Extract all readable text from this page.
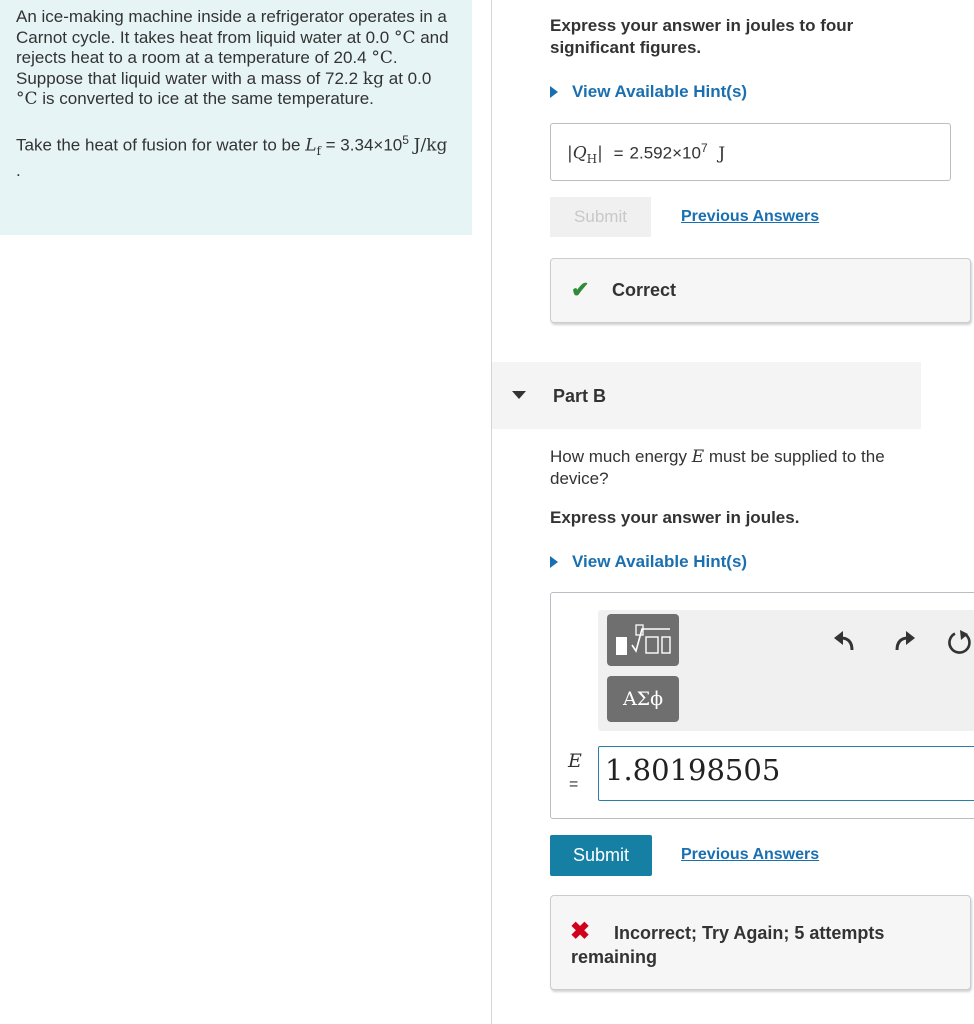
An ice-making machine inside a refrigerator operates in a Carnot cycle. It takes heat from liquid water at 0.0 °C and rejects heat to a room at a temperature of 20.4 °C. Suppose that liquid water with a mass of 72.2 kg at 0.0 °C is converted to ice at the same temperature.

Take the heat of fusion for water to be $L_f = 3.34\times 10^5$ J/kg .

Express your answer in joules to four significant figures.
View Available Hint(s)
$|Q_H| = 2.592\times 10^7$ J
Submit	Previous Answers
✔ Correct
Part B
How much energy E must be supplied to the device?
Express your answer in joules.
View Available Hint(s)
ΑΣϕ
E
= 1.80198505
Submit	Previous Answers
✖	Incorrect; Try Again; 5 attempts remaining
